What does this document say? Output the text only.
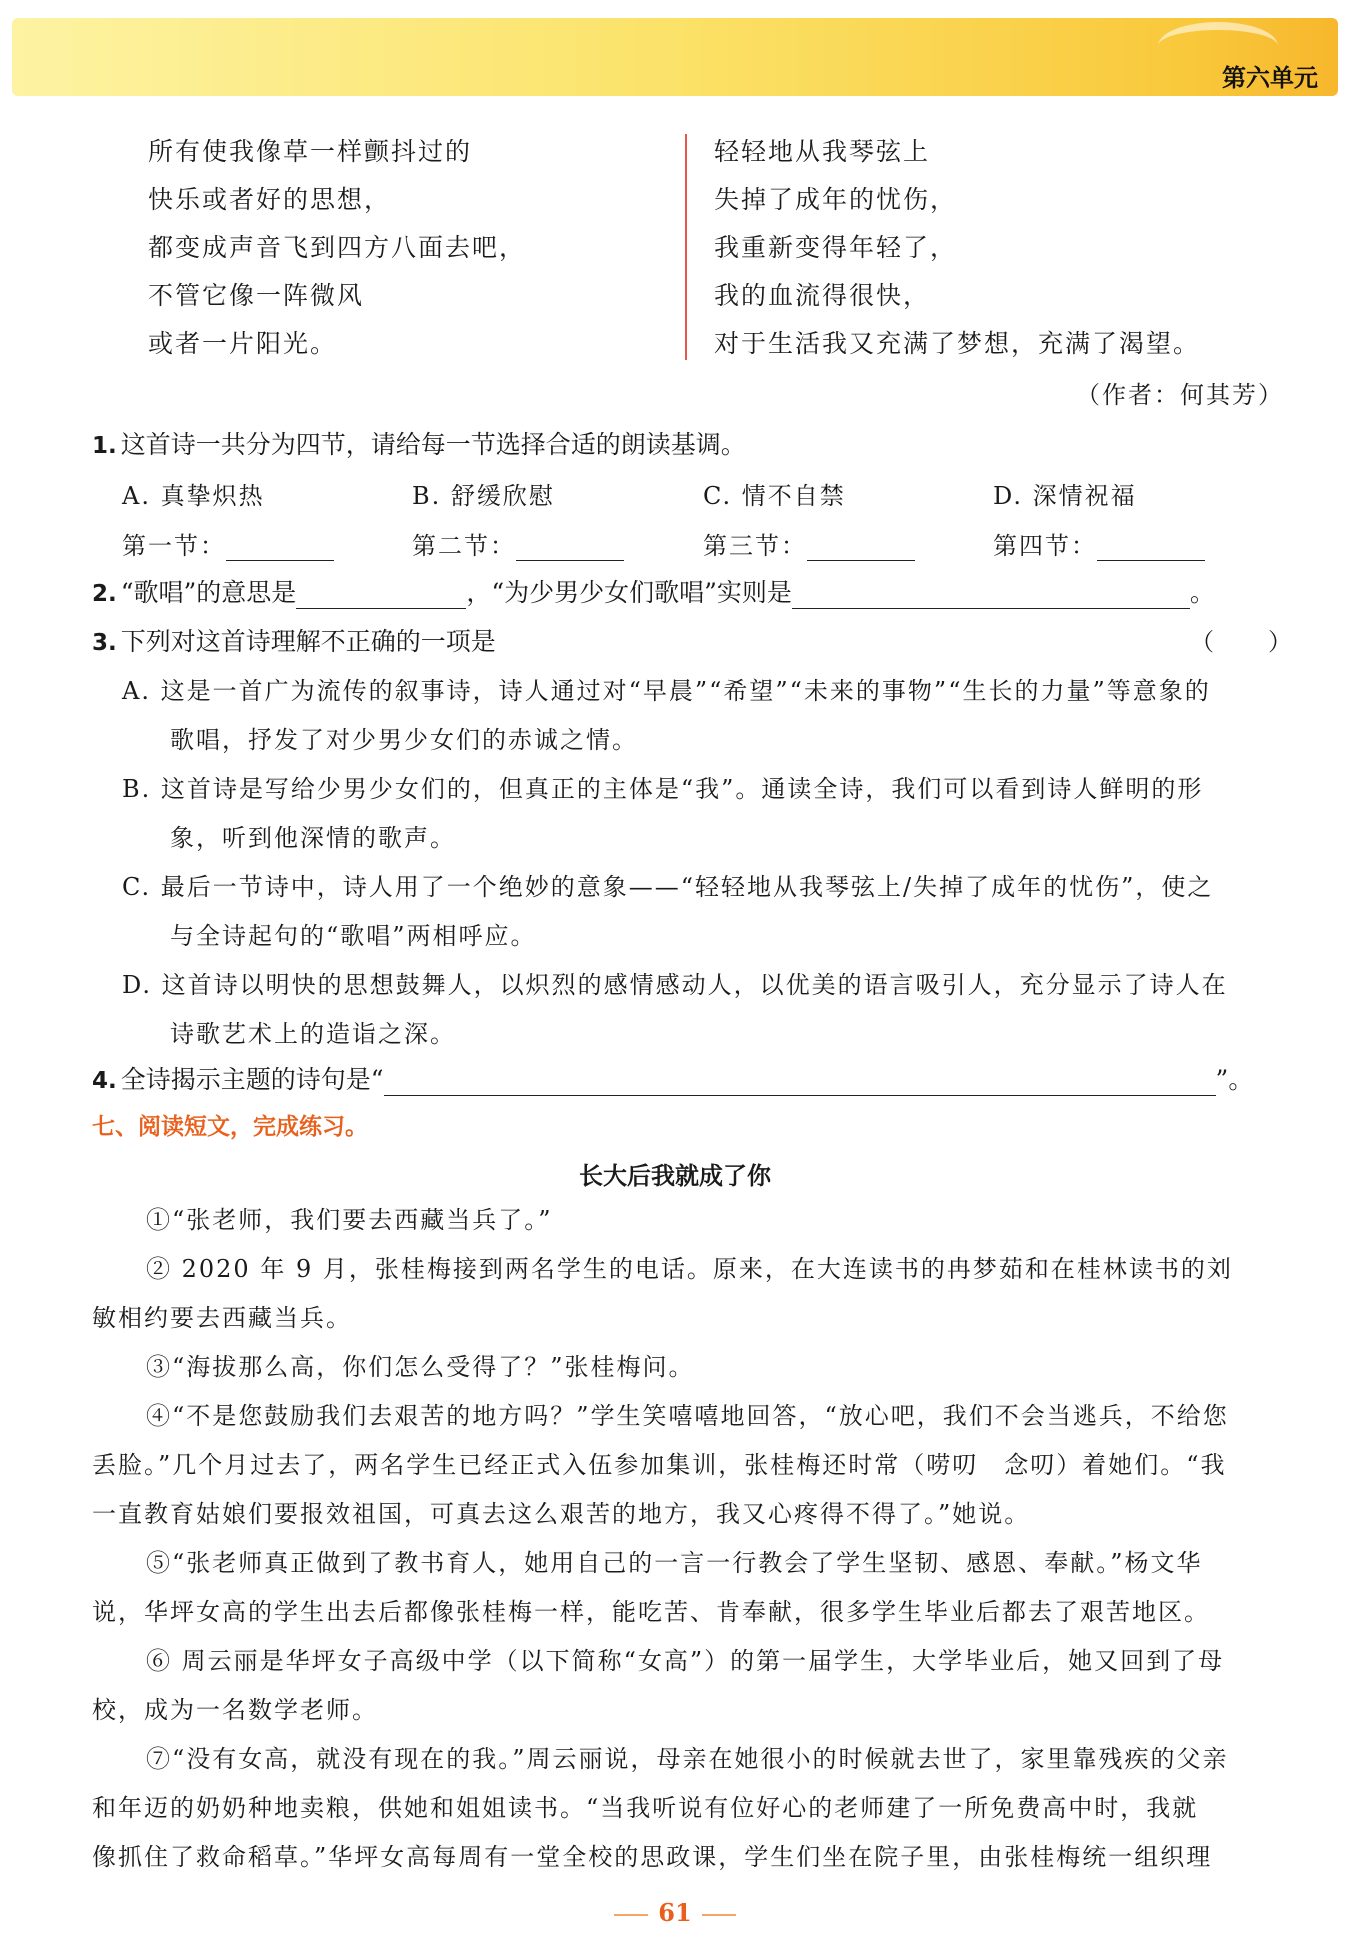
第六单元
所有使我像草一样颤抖过的
快乐或者好的思想，
都变成声音飞到四方八面去吧，
不管它像一阵微风
或者一片阳光。
轻轻地从我琴弦上
失掉了成年的忧伤，
我重新变得年轻了，
我的血流得很快，
对于生活我又充满了梦想，充满了渴望。
（作者：何其芳）
1. 这首诗一共分为四节，请给每一节选择合适的朗读基调。
A. 真挚炽热	B. 舒缓欣慰	C. 情不自禁	D. 深情祝福
第一节：	第二节：	第三节：	第四节：
2. “歌唱”的意思是	，“为少男少女们歌唱”实则是	。
3. 下列对这首诗理解不正确的一项是	（　　）
A. 这是一首广为流传的叙事诗，诗人通过对“早晨”“希望”“未来的事物”“生长的力量”等意象的
歌唱，抒发了对少男少女们的赤诚之情。
B. 这首诗是写给少男少女们的，但真正的主体是“我”。通读全诗，我们可以看到诗人鲜明的形
象，听到他深情的歌声。
C. 最后一节诗中，诗人用了一个绝妙的意象——“轻轻地从我琴弦上/失掉了成年的忧伤”，使之
与全诗起句的“歌唱”两相呼应。
D. 这首诗以明快的思想鼓舞人，以炽烈的感情感动人，以优美的语言吸引人，充分显示了诗人在
诗歌艺术上的造诣之深。
4. 全诗揭示主题的诗句是“	”。
七、阅读短文，完成练习。
长大后我就成了你
①“张老师，我们要去西藏当兵了。”
② 2020 年 9 月，张桂梅接到两名学生的电话。原来，在大连读书的冉梦茹和在桂林读书的刘
敏相约要去西藏当兵。
③“海拔那么高，你们怎么受得了？”张桂梅问。
④“不是您鼓励我们去艰苦的地方吗？”学生笑嘻嘻地回答，“放心吧，我们不会当逃兵，不给您
丢脸。”几个月过去了，两名学生已经正式入伍参加集训，张桂梅还时常（唠叨　念叨）着她们。“我
一直教育姑娘们要报效祖国，可真去这么艰苦的地方，我又心疼得不得了。”她说。
⑤“张老师真正做到了教书育人，她用自己的一言一行教会了学生坚韧、感恩、奉献。”杨文华
说，华坪女高的学生出去后都像张桂梅一样，能吃苦、肯奉献，很多学生毕业后都去了艰苦地区。
⑥ 周云丽是华坪女子高级中学（以下简称“女高”）的第一届学生，大学毕业后，她又回到了母
校，成为一名数学老师。
⑦“没有女高，就没有现在的我。”周云丽说，母亲在她很小的时候就去世了，家里靠残疾的父亲
和年迈的奶奶种地卖粮，供她和姐姐读书。“当我听说有位好心的老师建了一所免费高中时，我就
像抓住了救命稻草。”华坪女高每周有一堂全校的思政课，学生们坐在院子里，由张桂梅统一组织理
61
